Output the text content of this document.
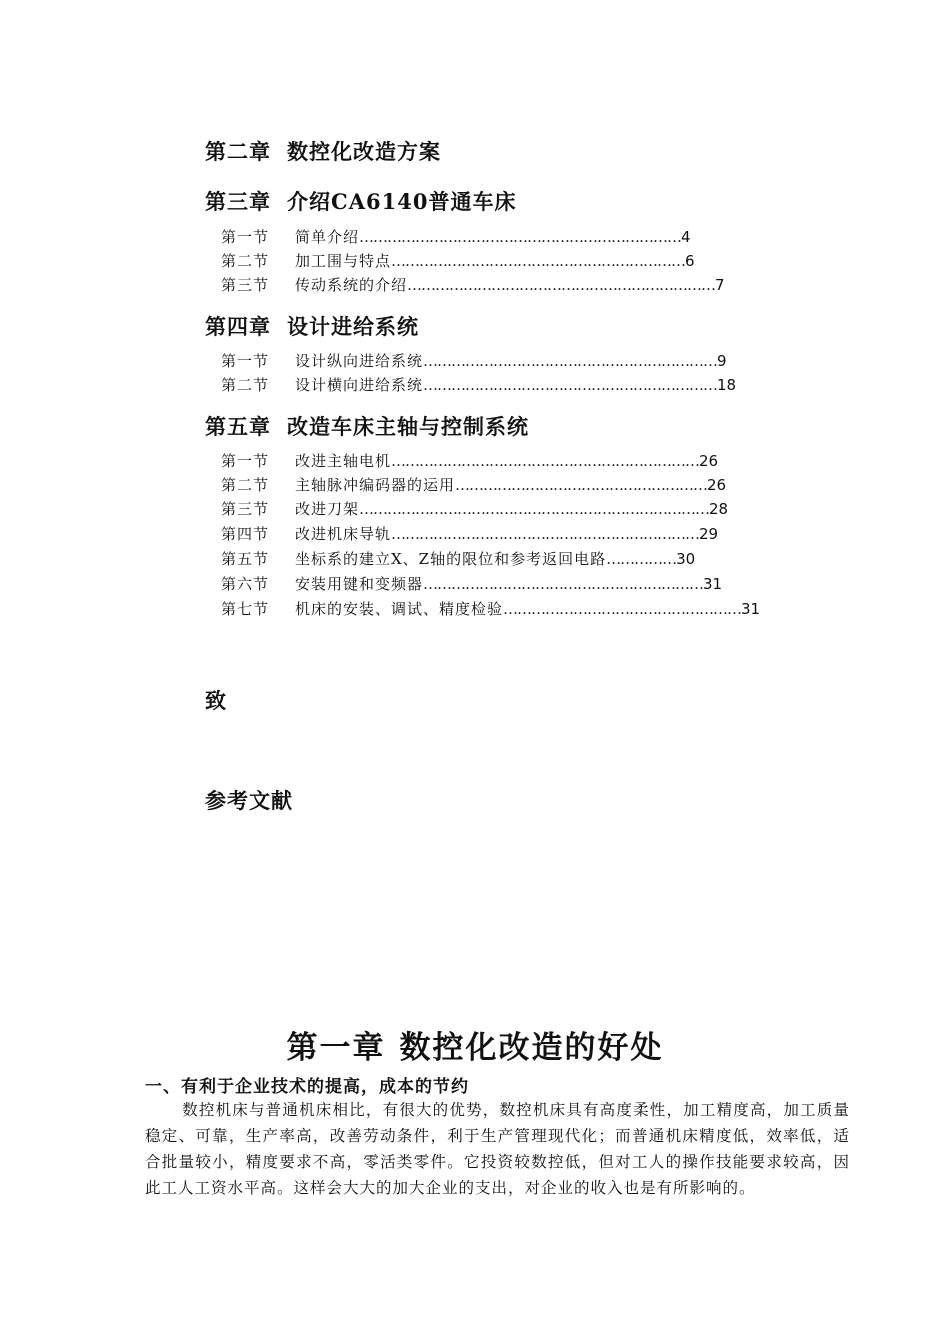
第二章 数控化改造方案
第三章 介绍CA6140普通车床
第一节 简单介绍……………………………………………………………4
第二节 加工围与特点………………………………………………………6
第三节 传动系统的介绍…………………………………………………………7
第四章 设计进给系统
第一节 设计纵向进给系统………………………………………………………9
第二节 设计横向进给系统………………………………………………………18
第五章 改造车床主轴与控制系统
第一节 改进主轴电机…………………………………………………………26
第二节 主轴脉冲编码器的运用………………………………………………26
第三节 改进刀架…………………………………………………………………28
第四节 改进机床导轨…………………………………………………………29
第五节 坐标系的建立X、Z轴的限位和参考返回电路……………30
第六节 安装用键和变频器……………………………………………………31
第七节 机床的安装、调试、精度检验……………………………………………31
致
参考文献
第一章 数控化改造的好处
一、有利于企业技术的提高，成本的节约
数控机床与普通机床相比，有很大的优势，数控机床具有高度柔性，加工精度高，加工质量稳定、可靠，生产率高，改善劳动条件，利于生产管理现代化；而普通机床精度低，效率低，适合批量较小，精度要求不高，零活类零件。它投资较数控低，但对工人的操作技能要求较高，因此工人工资水平高。这样会大大的加大企业的支出，对企业的收入也是有所影响的。
